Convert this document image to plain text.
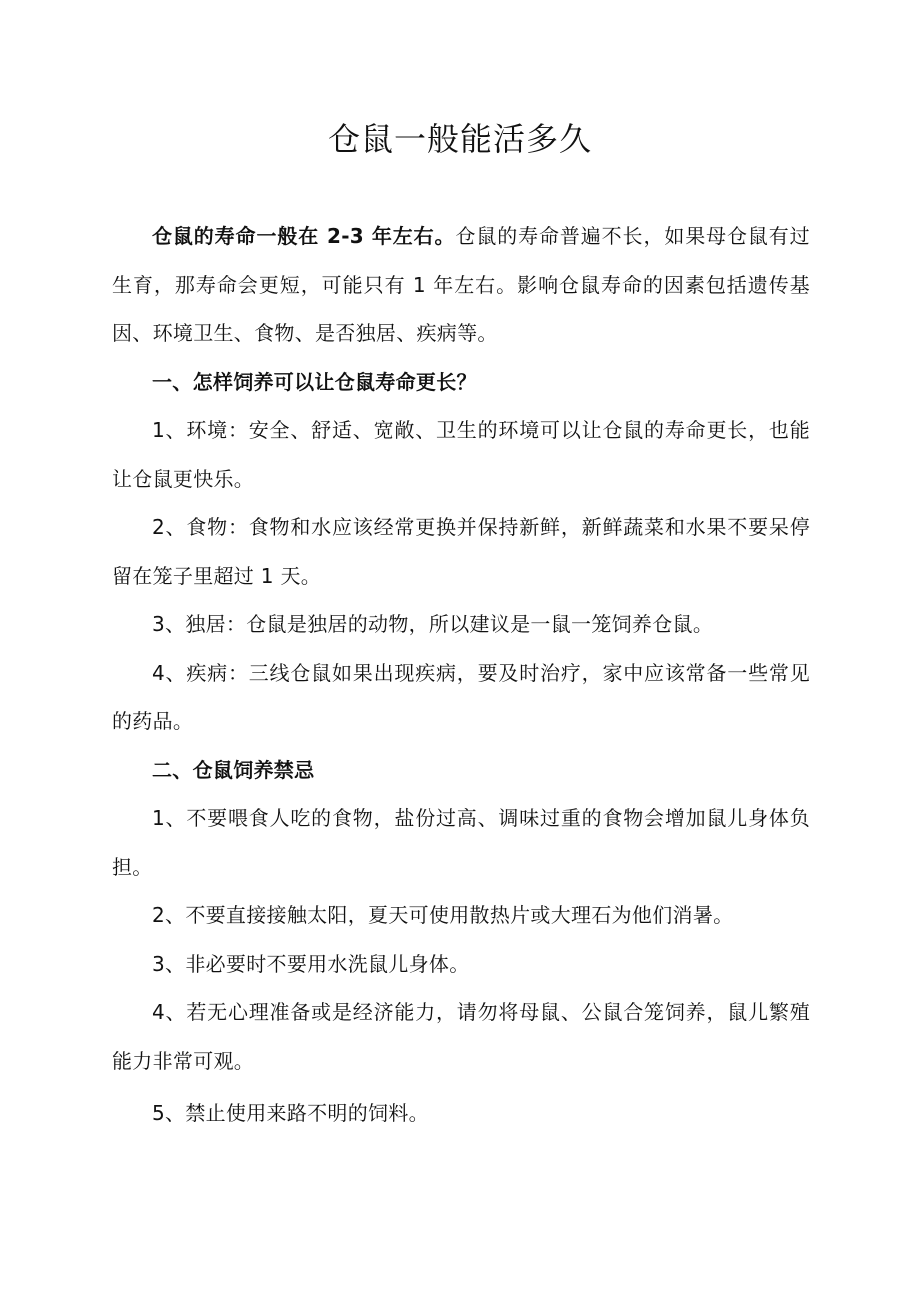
仓鼠一般能活多久

仓鼠的寿命一般在 2-3 年左右。仓鼠的寿命普遍不长，如果母仓鼠有过生育，那寿命会更短，可能只有 1 年左右。影响仓鼠寿命的因素包括遗传基因、环境卫生、食物、是否独居、疾病等。

一、怎样饲养可以让仓鼠寿命更长？

1、环境：安全、舒适、宽敞、卫生的环境可以让仓鼠的寿命更长，也能让仓鼠更快乐。

2、食物：食物和水应该经常更换并保持新鲜，新鲜蔬菜和水果不要呆停留在笼子里超过 1 天。

3、独居：仓鼠是独居的动物，所以建议是一鼠一笼饲养仓鼠。

4、疾病：三线仓鼠如果出现疾病，要及时治疗，家中应该常备一些常见的药品。

二、仓鼠饲养禁忌

1、不要喂食人吃的食物，盐份过高、调味过重的食物会增加鼠儿身体负担。

2、不要直接接触太阳，夏天可使用散热片或大理石为他们消暑。

3、非必要时不要用水洗鼠儿身体。

4、若无心理准备或是经济能力，请勿将母鼠、公鼠合笼饲养，鼠儿繁殖能力非常可观。

5、禁止使用来路不明的饲料。
